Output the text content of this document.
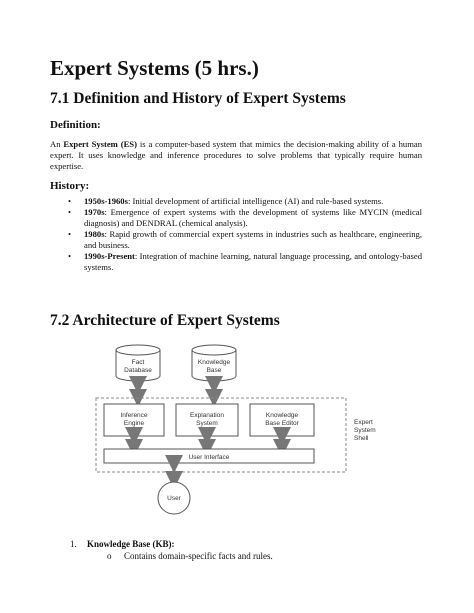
Expert Systems (5 hrs.)
7.1 Definition and History of Expert Systems
Definition:

An Expert System (ES) is a computer-based system that mimics the decision-making ability of a human expert. It uses knowledge and inference procedures to solve problems that typically require human expertise.

History:
• 1950s-1960s: Initial development of artificial intelligence (AI) and rule-based systems.
• 1970s: Emergence of expert systems with the development of systems like MYCIN (medical diagnosis) and DENDRAL (chemical analysis).
• 1980s: Rapid growth of commercial expert systems in industries such as healthcare, engineering, and business.
• 1990s-Present: Integration of machine learning, natural language processing, and ontology-based systems.
7.2 Architecture of Expert Systems
Fact
Database
Knowledge
Base
Inference
Engine
Explanation
System
Knowledge
Base Editor
User Interface
Expert
System
Shell
User
1. Knowledge Base (KB):
o Contains domain-specific facts and rules.
